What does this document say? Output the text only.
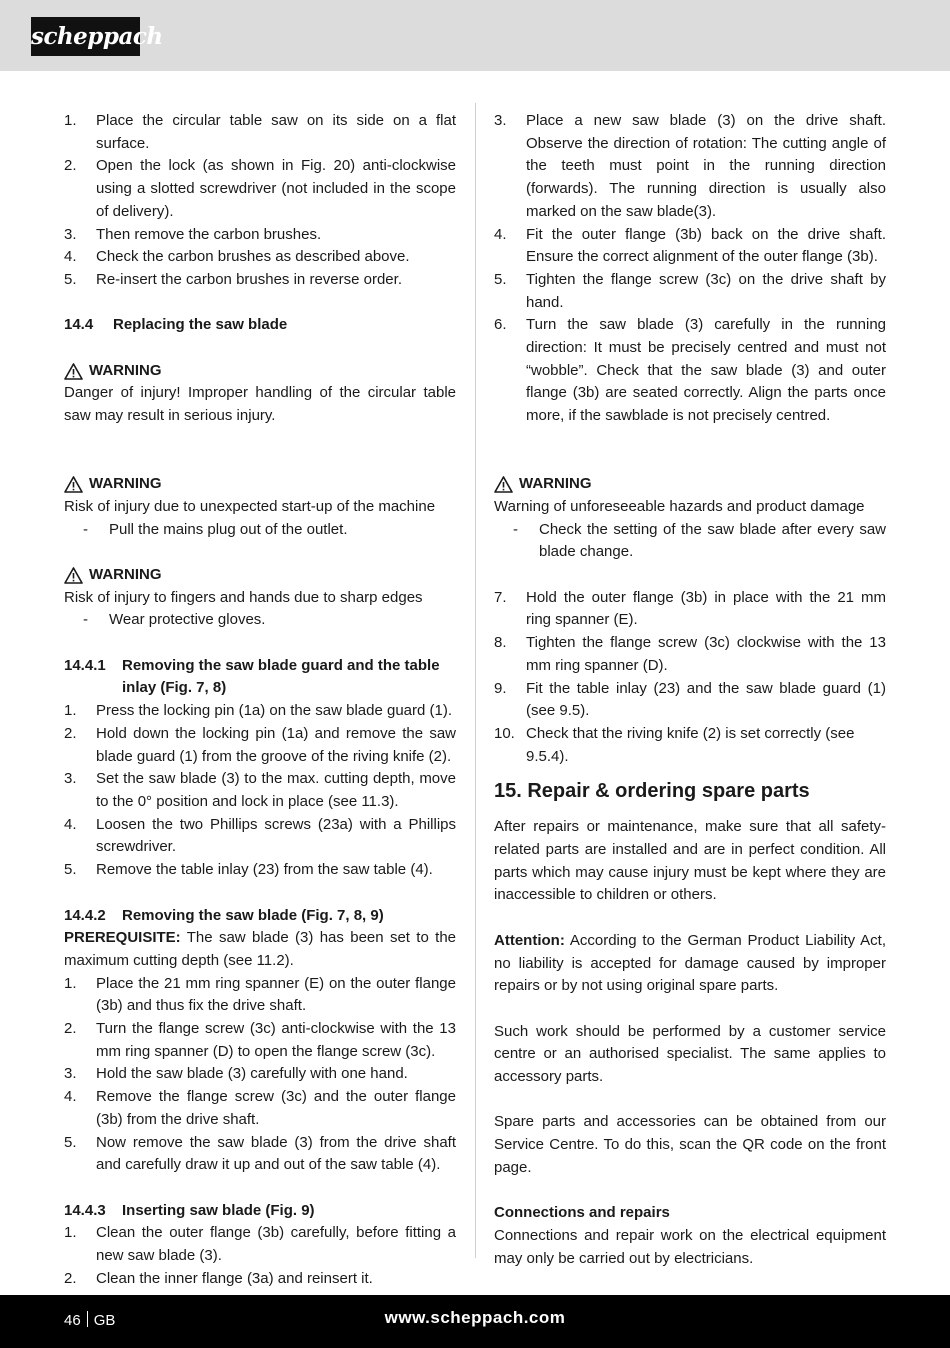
scheppach
1.	Place the circular table saw on its side on a flat surface.
2.	Open the lock (as shown in Fig. 20) anti-clockwise using a slotted screwdriver (not included in the scope of delivery).
3.	Then remove the carbon brushes.
4.	Check the carbon brushes as described above.
5.	Re-insert the carbon brushes in reverse order.
14.4 Replacing the saw blade
WARNING
Danger of injury! Improper handling of the circular table saw may result in serious injury.
WARNING
Risk of injury due to unexpected start-up of the machine
-	Pull the mains plug out of the outlet.
WARNING
Risk of injury to fingers and hands due to sharp edges
-	Wear protective gloves.
14.4.1	Removing the saw blade guard and the table inlay (Fig. 7, 8)
1.	Press the locking pin (1a) on the saw blade guard (1).
2.	Hold down the locking pin (1a) and remove the saw blade guard (1) from the groove of the riving knife (2).
3.	Set the saw blade (3) to the max. cutting depth, move to the 0° position and lock in place (see 11.3).
4.	Loosen the two Phillips screws (23a) with a Phillips screwdriver.
5.	Remove the table inlay (23) from the saw table (4).
14.4.2	Removing the saw blade (Fig. 7, 8, 9)
PREREQUISITE: The saw blade (3) has been set to the maximum cutting depth (see 11.2).
1.	Place the 21 mm ring spanner (E) on the outer flange (3b) and thus fix the drive shaft.
2.	Turn the flange screw (3c) anti-clockwise with the 13 mm ring spanner (D) to open the flange screw (3c).
3.	Hold the saw blade (3) carefully with one hand.
4.	Remove the flange screw (3c) and the outer flange (3b) from the drive shaft.
5.	Now remove the saw blade (3) from the drive shaft and carefully draw it up and out of the saw table (4).
14.4.3	Inserting saw blade (Fig. 9)
1.	Clean the outer flange (3b) carefully, before fitting a new saw blade (3).
2.	Clean the inner flange (3a) and reinsert it.
3.	Place a new saw blade (3) on the drive shaft. Observe the direction of rotation: The cutting angle of the teeth must point in the running direction (forwards). The running direction is usually also marked on the saw blade(3).
4.	Fit the outer flange (3b) back on the drive shaft. Ensure the correct alignment of the outer flange (3b).
5.	Tighten the flange screw (3c) on the drive shaft by hand.
6.	Turn the saw blade (3) carefully in the running direction: It must be precisely centred and must not “wobble”. Check that the saw blade (3) and outer flange (3b) are seated correctly. Align the parts once more, if the sawblade is not precisely centred.
WARNING
Warning of unforeseeable hazards and product damage
-	Check the setting of the saw blade after every saw blade change.
7.	Hold the outer flange (3b) in place with the 21 mm ring spanner (E).
8.	Tighten the flange screw (3c) clockwise with the 13 mm ring spanner (D).
9.	Fit the table inlay (23) and the saw blade guard (1) (see 9.5).
10. Check that the riving knife (2) is set correctly (see 9.5.4).
15. Repair & ordering spare parts
After repairs or maintenance, make sure that all safety-related parts are installed and are in perfect condition. All parts which may cause injury must be kept where they are inaccessible to children or others.
Attention: According to the German Product Liability Act, no liability is accepted for damage caused by improper repairs or by not using original spare parts.
Such work should be performed by a customer service centre or an authorised specialist. The same applies to accessory parts.
Spare parts and accessories can be obtained from our Service Centre. To do this, scan the QR code on the front page.
Connections and repairs
Connections and repair work on the electrical equipment may only be carried out by electricians.
46 GB	www.scheppach.com
